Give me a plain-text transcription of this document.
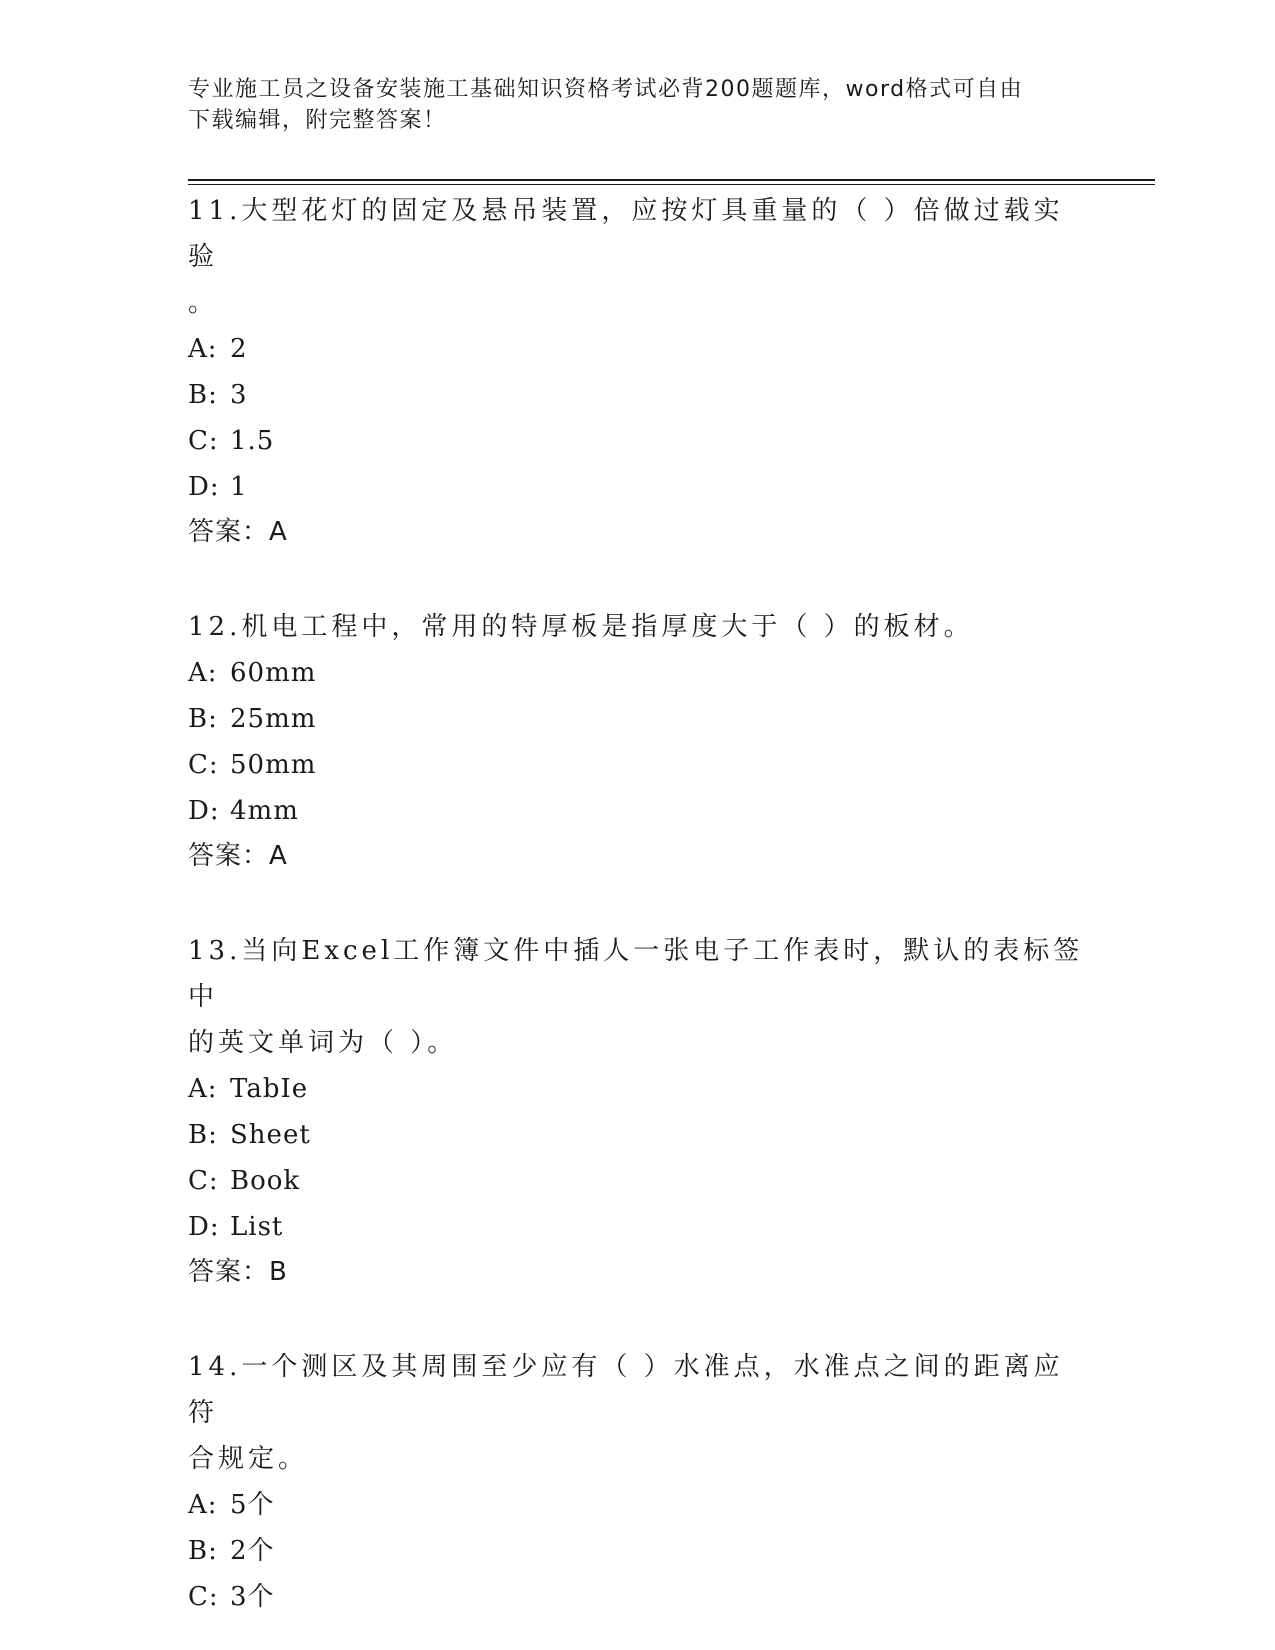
专业施工员之设备安装施工基础知识资格考试必背200题题库，word格式可自由
下载编辑，附完整答案！

11.大型花灯的固定及悬吊装置，应按灯具重量的（ ）倍做过载实验

。

A: 2

B: 3

C: 1.5

D: 1

答案：A

12.机电工程中，常用的特厚板是指厚度大于（ ）的板材。

A: 60mm

B: 25mm

C: 50mm

D: 4mm

答案：A

13.当向Excel工作簿文件中插人一张电子工作表时，默认的表标签中

的英文单词为（ ）。

A: TabIe

B: Sheet

C: Book

D: List

答案：B

14.一个测区及其周围至少应有（ ）水准点，水准点之间的距离应符

合规定。

A: 5个

B: 2个

C: 3个
